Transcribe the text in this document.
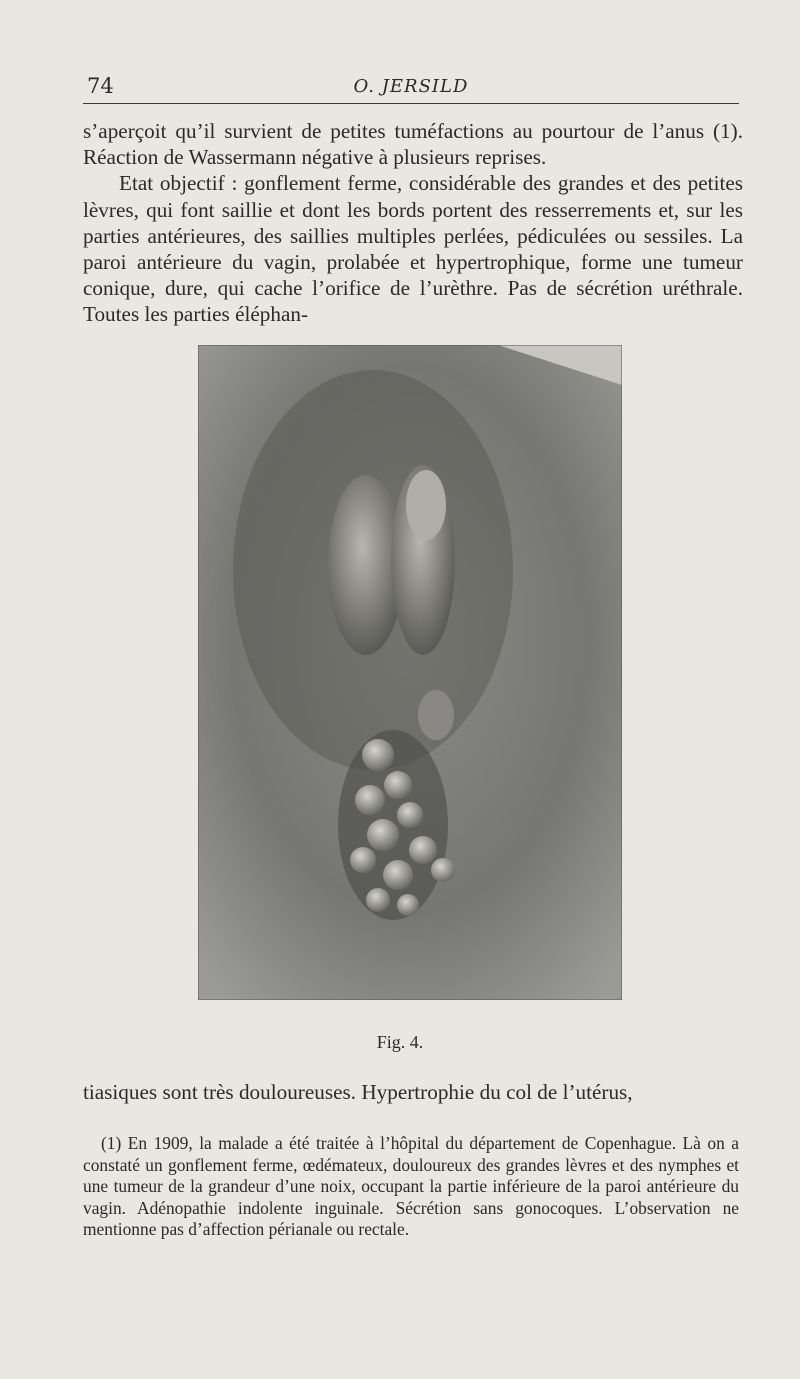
74	O. JERSILD

s’aperçoit qu’il survient de petites tuméfactions au pourtour de l’anus (1). Réaction de Wassermann négative à plusieurs reprises.

Etat objectif : gonflement ferme, considérable des grandes et des petites lèvres, qui font saillie et dont les bords portent des resserrements et, sur les parties antérieures, des saillies multiples perlées, pédiculées ou sessiles. La paroi antérieure du vagin, prolabée et hypertrophique, forme une tumeur conique, dure, qui cache l’orifice de l’urèthre. Pas de sécrétion uréthrale. Toutes les parties éléphan-

Fig. 4.

tiasiques sont très douloureuses. Hypertrophie du col de l’utérus,

(1) En 1909, la malade a été traitée à l’hôpital du département de Copenhague. Là on a constaté un gonflement ferme, œdémateux, douloureux des grandes lèvres et des nymphes et une tumeur de la grandeur d’une noix, occupant la partie inférieure de la paroi antérieure du vagin. Adénopathie indolente inguinale. Sécrétion sans gonocoques. L’observation ne mentionne pas d’affection périanale ou rectale.
